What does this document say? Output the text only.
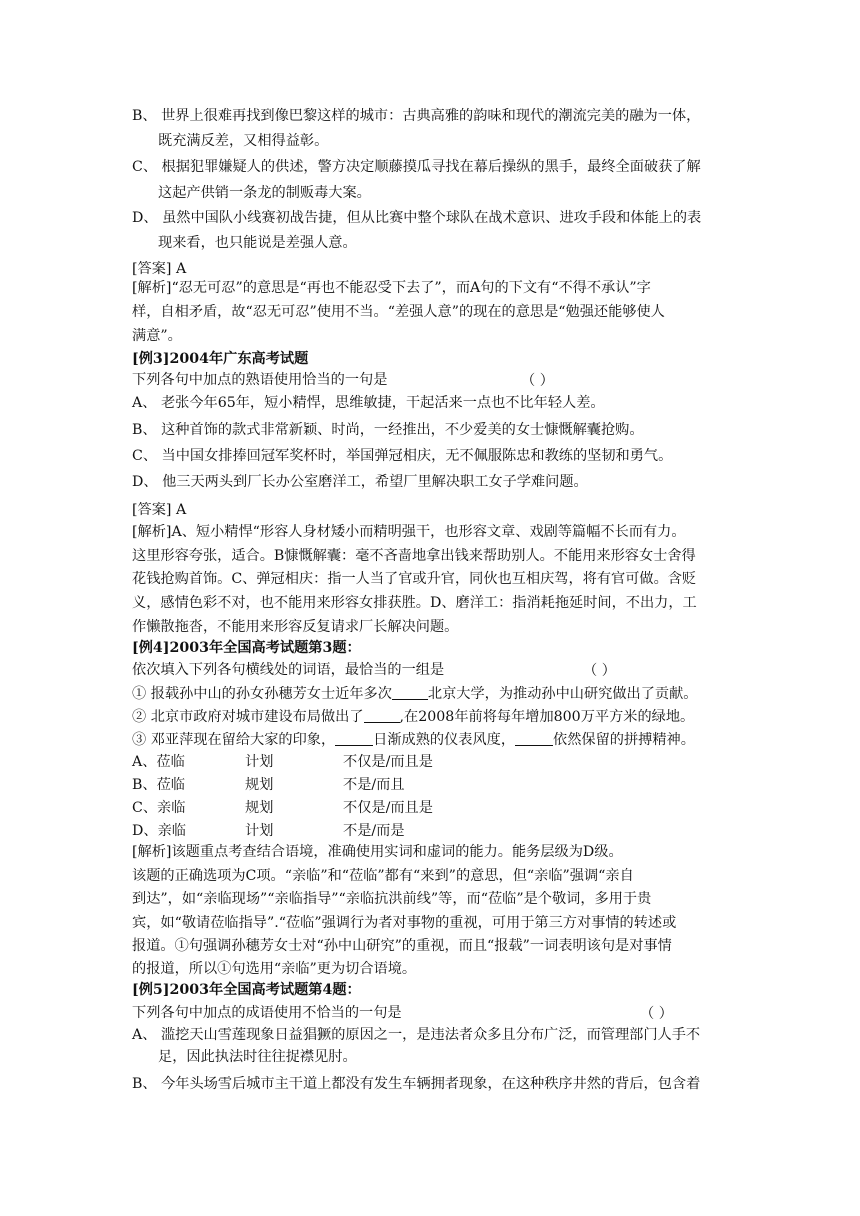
B、 世界上很难再找到像巴黎这样的城市：古典高雅的韵味和现代的潮流完美的融为一体，
既充满反差，又相得益彰。
C、 根据犯罪嫌疑人的供述，警方决定顺藤摸瓜寻找在幕后操纵的黑手，最终全面破获了解
这起产供销一条龙的制贩毒大案。
D、 虽然中国队小线赛初战告捷，但从比赛中整个球队在战术意识、进攻手段和体能上的表
现来看，也只能说是差强人意。
[答案] A
[解析]“忍无可忍”的意思是“再也不能忍受下去了”，而A句的下文有“不得不承认”字
样，自相矛盾，故“忍无可忍”使用不当。“差强人意”的现在的意思是“勉强还能够使人
满意”。
[例3]2004年广东高考试题
下列各句中加点的熟语使用恰当的一句是	（ ）
A、 老张今年65年，短小精悍，思维敏捷，干起活来一点也不比年轻人差。
B、 这种首饰的款式非常新颖、时尚，一经推出，不少爱美的女士慷慨解囊抢购。
C、 当中国女排捧回冠军奖杯时，举国弹冠相庆，无不佩服陈忠和教练的坚韧和勇气。
D、 他三天两头到厂长办公室磨洋工，希望厂里解决职工女子学难问题。
[答案] A
[解析]A、短小精悍“形容人身材矮小而精明强干，也形容文章、戏剧等篇幅不长而有力。
这里形容夸张，适合。B慷慨解囊：毫不吝啬地拿出钱来帮助别人。不能用来形容女士舍得
花钱抢购首饰。C、弹冠相庆：指一人当了官或升官，同伙也互相庆驾，将有官可做。含贬
义，感情色彩不对，也不能用来形容女排获胜。D、磨洋工：指消耗拖延时间，不出力，工
作懒散拖沓，不能用来形容反复请求厂长解决问题。
[例4]2003年全国高考试题第3题：
依次填入下列各句横线处的词语，最恰当的一组是	（ ）
① 报载孙中山的孙女孙穗芳女士近年多次	北京大学，为推动孙中山研究做出了贡献。
② 北京市政府对城市建设布局做出了	,在2008年前将每年增加800万平方米的绿地。
③ 邓亚萍现在留给大家的印象，	日渐成熟的仪表风度，	依然保留的拼搏精神。
A、莅临	计划	不仅是/而且是
B、莅临	规划	不是/而且
C、亲临	规划	不仅是/而且是
D、亲临	计划	不是/而是
[解析]该题重点考查结合语境，准确使用实词和虚词的能力。能务层级为D级。
该题的正确选项为C项。“亲临”和“莅临”都有“来到”的意思，但“亲临”强调“亲自
到达”，如“亲临现场”“亲临指导”“亲临抗洪前线”等，而“莅临”是个敬词，多用于贵
宾，如“敬请莅临指导”.“莅临”强调行为者对事物的重视，可用于第三方对事情的转述或
报道。①句强调孙穗芳女士对“孙中山研究”的重视，而且“报载”一词表明该句是对事情
的报道，所以①句选用“亲临”更为切合语境。
[例5]2003年全国高考试题第4题：
下列各句中加点的成语使用不恰当的一句是	（ ）
A、 滥挖天山雪莲现象日益猖獗的原因之一，是违法者众多且分布广泛，而管理部门人手不
足，因此执法时往往捉襟见肘。
B、 今年头场雪后城市主干道上都没有发生车辆拥者现象，在这种秩序井然的背后，包含着
